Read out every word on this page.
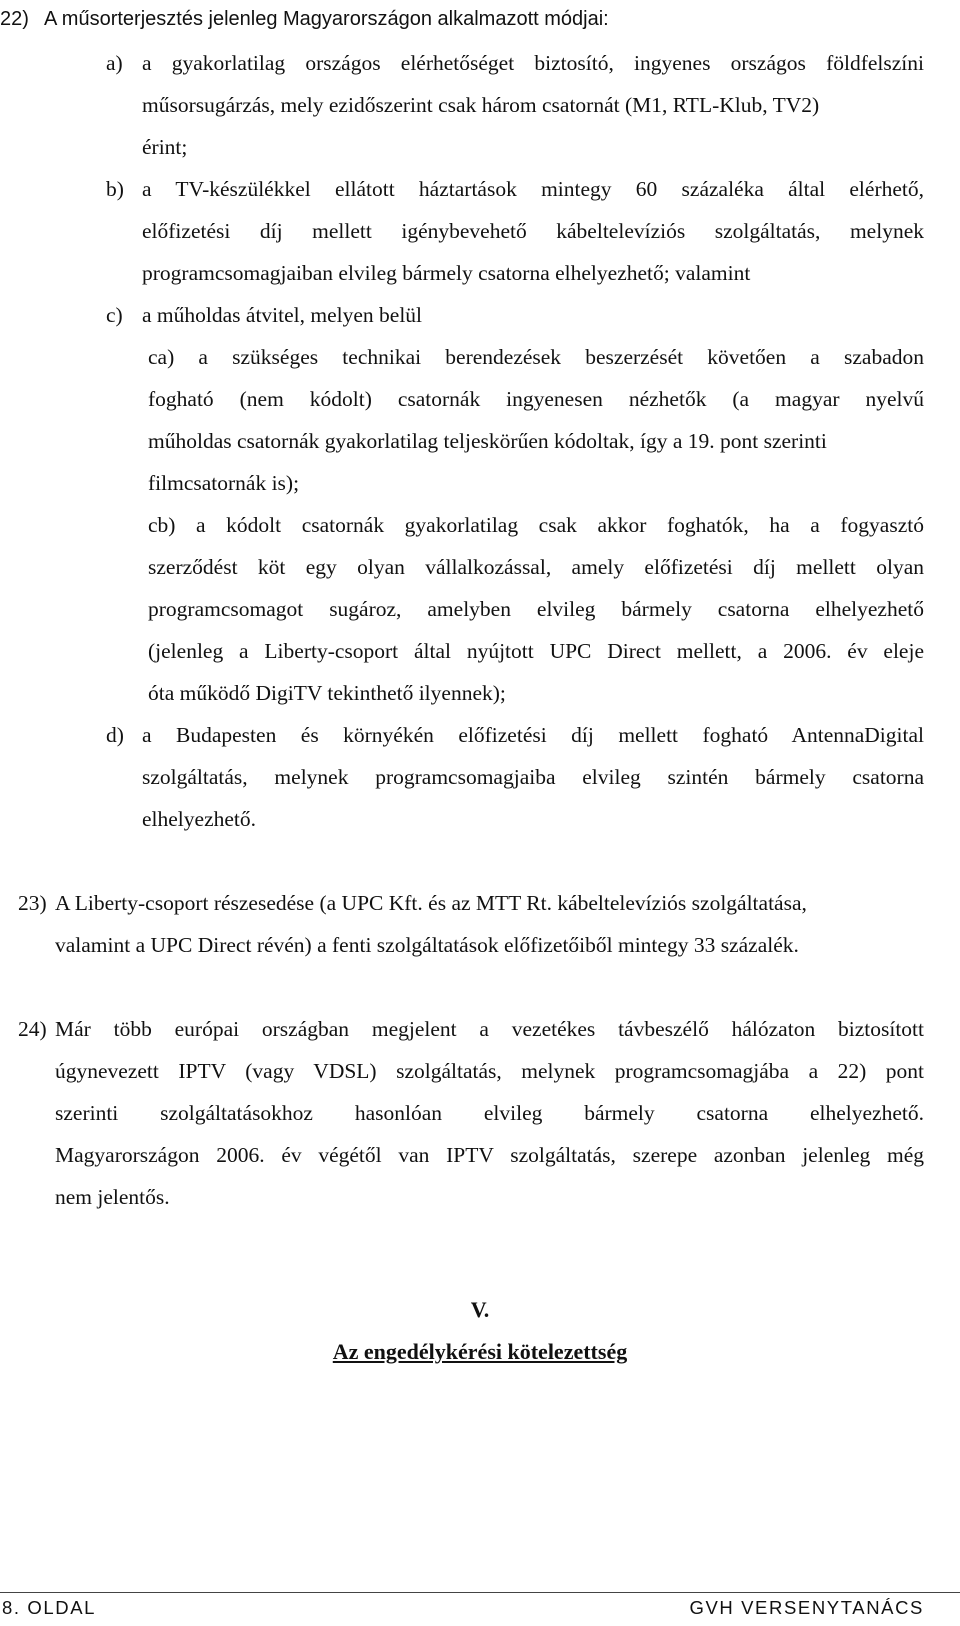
22) A műsorterjesztés jelenleg Magyarországon alkalmazott módjai:
a) a gyakorlatilag országos elérhetőséget biztosító, ingyenes országos földfelszíni
műsorsugárzás, mely ezidőszerint csak három csatornát (M1, RTL-Klub, TV2)
érint;
b) a TV-készülékkel ellátott háztartások mintegy 60 százaléka által elérhető,
előfizetési díj mellett igénybevehető kábeltelevíziós szolgáltatás, melynek
programcsomagjaiban elvileg bármely csatorna elhelyezhető; valamint
c) a műholdas átvitel, melyen belül
ca) a szükséges technikai berendezések beszerzését követően a szabadon
fogható (nem kódolt) csatornák ingyenesen nézhetők (a magyar nyelvű
műholdas csatornák gyakorlatilag teljeskörűen kódoltak, így a 19. pont szerinti
filmcsatornák is);
cb) a kódolt csatornák gyakorlatilag csak akkor foghatók, ha a fogyasztó
szerződést köt egy olyan vállalkozással, amely előfizetési díj mellett olyan
programcsomagot sugároz, amelyben elvileg bármely csatorna elhelyezhető
(jelenleg a Liberty-csoport által nyújtott UPC Direct mellett, a 2006. év eleje
óta működő DigiTV tekinthető ilyennek);
d) a Budapesten és környékén előfizetési díj mellett fogható AntennaDigital
szolgáltatás, melynek programcsomagjaiba elvileg szintén bármely csatorna
elhelyezhető.
23) A Liberty-csoport részesedése (a UPC Kft. és az MTT Rt. kábeltelevíziós szolgáltatása,
valamint a UPC Direct révén) a fenti szolgáltatások előfizetőiből mintegy 33 százalék.
24) Már több európai országban megjelent a vezetékes távbeszélő hálózaton biztosított
úgynevezett IPTV (vagy VDSL) szolgáltatás, melynek programcsomagjába a 22) pont
szerinti szolgáltatásokhoz hasonlóan elvileg bármely csatorna elhelyezhető.
Magyarországon 2006. év végétől van IPTV szolgáltatás, szerepe azonban jelenleg még
nem jelentős.
V.
Az engedélykérési kötelezettség
8. OLDAL	GVH VERSENYTANÁCS
